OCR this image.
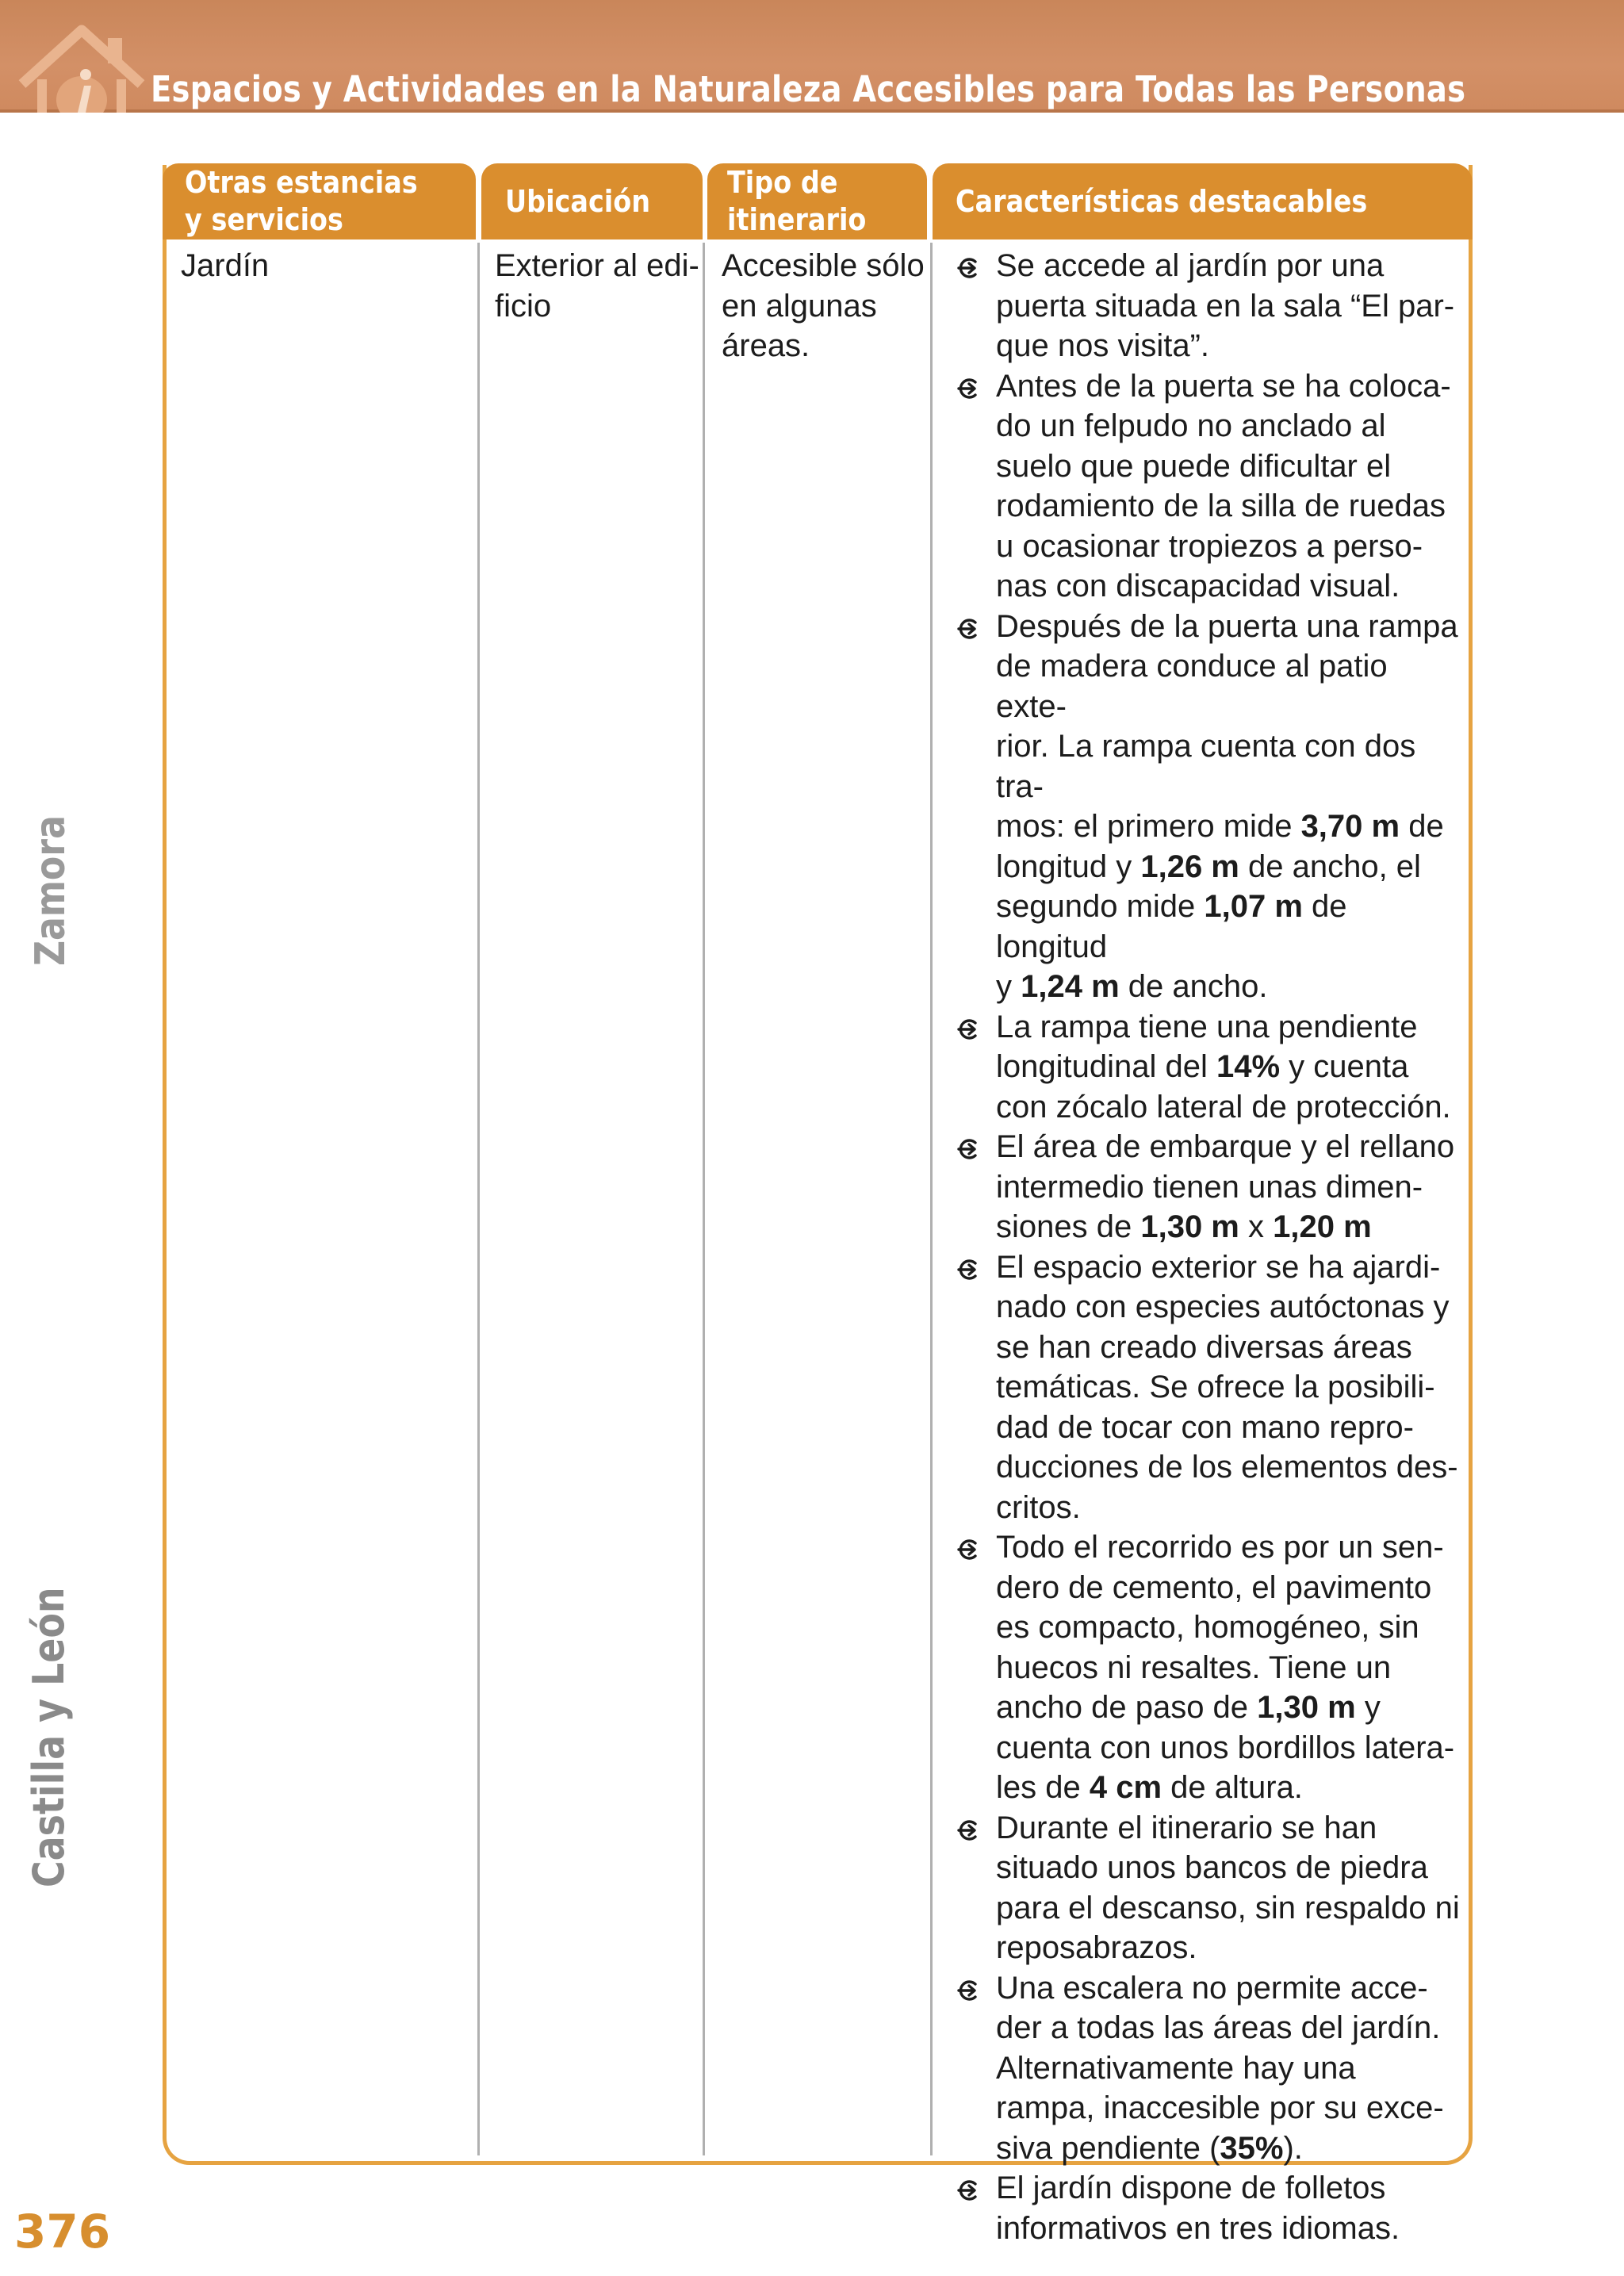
Espacios y Actividades en la Naturaleza Accesibles para Todas las Personas
Zamora
Castilla y León
Otras estancias
y servicios
Ubicación
Tipo de
itinerario
Características destacables
Jardín	Exterior al edi-
ficio
Accesible sólo
en algunas
áreas.
Se accede al jardín por una
puerta situada en la sala “El par-
que nos visita”.
Antes de la puerta se ha coloca-
do un felpudo no anclado al
suelo que puede dificultar el
rodamiento de la silla de ruedas
u ocasionar tropiezos a perso-
nas con discapacidad visual.
Después de la puerta una rampa
de madera conduce al patio exte-
rior. La rampa cuenta con dos tra-
mos: el primero mide 3,70 m de
longitud y 1,26 m de ancho, el
segundo mide 1,07 m de longitud
y 1,24 m de ancho.
La rampa tiene una pendiente
longitudinal del 14% y cuenta
con zócalo lateral de protección.
El área de embarque y el rellano
intermedio tienen unas dimen-
siones de 1,30 m x 1,20 m
El espacio exterior se ha ajardi-
nado con especies autóctonas y
se han creado diversas áreas
temáticas. Se ofrece la posibili-
dad de tocar con mano repro-
ducciones de los elementos des-
critos.
Todo el recorrido es por un sen-
dero de cemento, el pavimento
es compacto, homogéneo, sin
huecos ni resaltes. Tiene un
ancho de paso de 1,30 m y
cuenta con unos bordillos latera-
les de 4 cm de altura.
Durante el itinerario se han
situado unos bancos de piedra
para el descanso, sin respaldo ni
reposabrazos.
Una escalera no permite acce-
der a todas las áreas del jardín.
Alternativamente hay una
rampa, inaccesible por su exce-
siva pendiente (35%).
El jardín dispone de folletos
informativos en tres idiomas.
376
